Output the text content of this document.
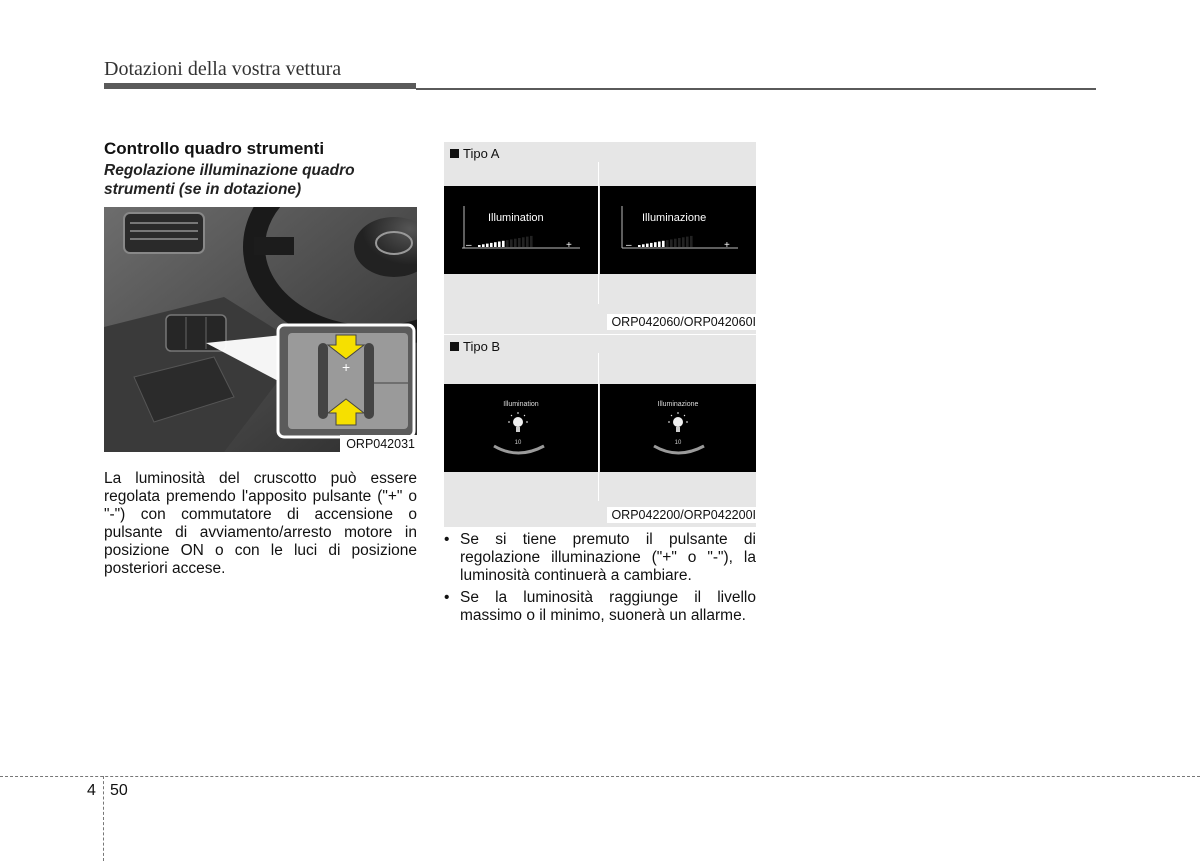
Dotazioni della vostra vettura
Controllo quadro strumenti
Regolazione illuminazione quadro strumenti (se in dotazione)
+
ORP042031
La luminosità del cruscotto può essere regolata premendo l'apposito pulsante ("+" o "-") con commutatore di accensione o pulsante di avviamento/arresto motore in posizione ON o con le luci di posizione posteriori accese.
Tipo A
Illumination
–	+
Illuminazione
–	+
ORP042060/ORP042060I
Tipo B
Illumination
10
Illuminazione
10
ORP042200/ORP042200I
• Se si tiene premuto il pulsante di regolazione illuminazione ("+" o "-"), la luminosità continuerà a cambiare.
• Se la luminosità raggiunge il livello massimo o il minimo, suonerà un allarme.
4 50
